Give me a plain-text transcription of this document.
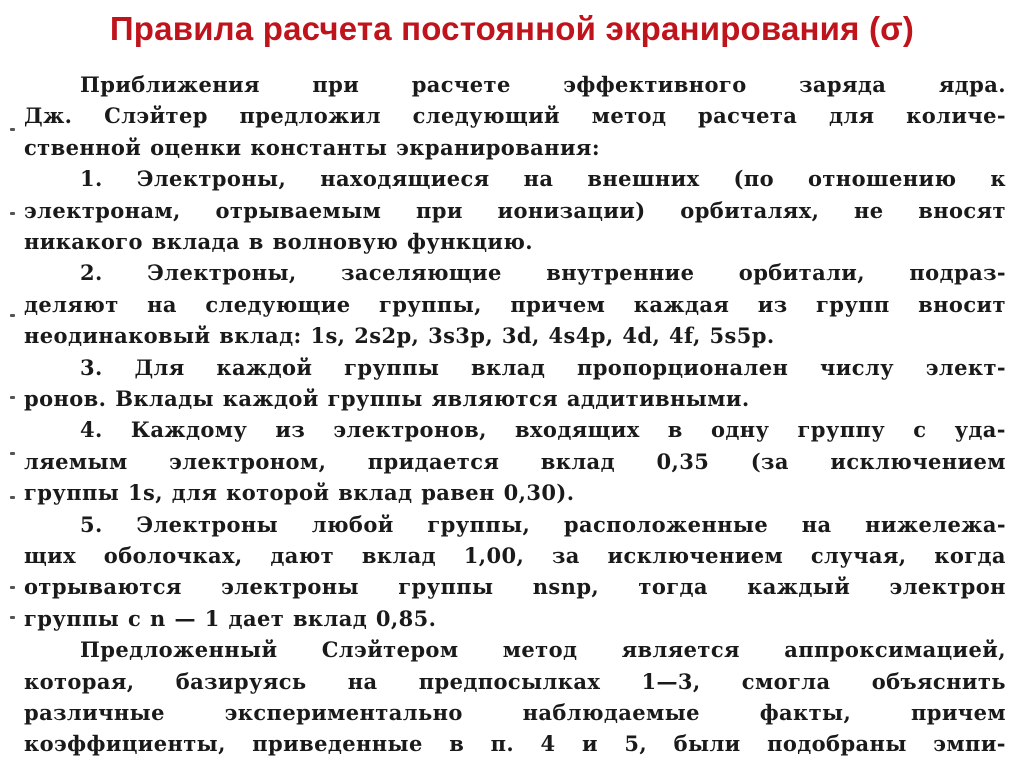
Правила расчета постоянной экранирования (σ)
Приближения при расчете эффективного заряда ядра.
Дж. Слэйтер предложил следующий метод расчета для количе-
ственной оценки константы экранирования:
1. Электроны, находящиеся на внешних (по отношению к
электронам, отрываемым при ионизации) орбиталях, не вносят
никакого вклада в волновую функцию.
2. Электроны, заселяющие внутренние орбитали, подраз-
деляют на следующие группы, причем каждая из групп вносит
неодинаковый вклад: 1s, 2s2p, 3s3p, 3d, 4s4p, 4d, 4f, 5s5p.
3. Для каждой группы вклад пропорционален числу элект-
ронов. Вклады каждой группы являются аддитивными.
4. Каждому из электронов, входящих в одну группу с уда-
ляемым электроном, придается вклад 0,35 (за исключением
группы 1s, для которой вклад равен 0,30).
5. Электроны любой группы, расположенные на нижележа-
щих оболочках, дают вклад 1,00, за исключением случая, когда
отрываются электроны группы nsnp, тогда каждый электрон
группы с n — 1 дает вклад 0,85.
Предложенный Слэйтером метод является аппроксимацией,
которая, базируясь на предпосылках 1—3, смогла объяснить
различные	экспериментально	наблюдаемые	факты,	причем
коэффициенты, приведенные в п. 4 и 5, были подобраны эмпи-
